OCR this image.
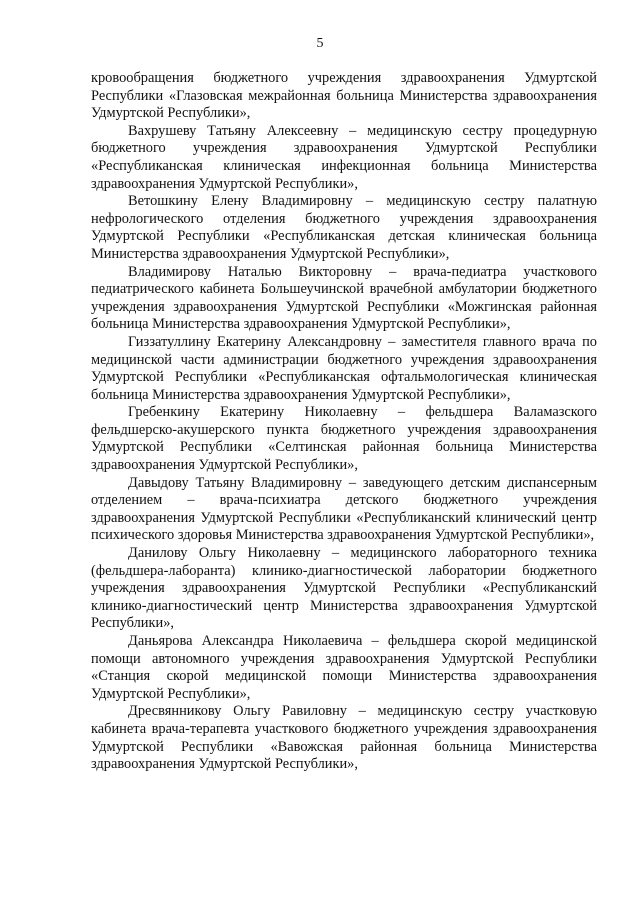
5

кровообращения бюджетного учреждения здравоохранения Удмуртской Республики «Глазовская межрайонная больница Министерства здравоохранения Удмуртской Республики»,

Вахрушеву Татьяну Алексеевну – медицинскую сестру процедурную бюджетного учреждения здравоохранения Удмуртской Республики «Республиканская клиническая инфекционная больница Министерства здравоохранения Удмуртской Республики»,

Ветошкину Елену Владимировну – медицинскую сестру палатную нефрологического отделения бюджетного учреждения здравоохранения Удмуртской Республики «Республиканская детская клиническая больница Министерства здравоохранения Удмуртской Республики»,

Владимирову Наталью Викторовну – врача-педиатра участкового педиатрического кабинета Большеучинской врачебной амбулатории бюджетного учреждения здравоохранения Удмуртской Республики «Можгинская районная больница Министерства здравоохранения Удмуртской Республики»,

Гиззатуллину Екатерину Александровну – заместителя главного врача по медицинской части администрации бюджетного учреждения здравоохранения Удмуртской Республики «Республиканская офтальмологическая клиническая больница Министерства здравоохранения Удмуртской Республики»,

Гребенкину Екатерину Николаевну – фельдшера Валамазского фельдшерско-акушерского пункта бюджетного учреждения здравоохранения Удмуртской Республики «Селтинская районная больница Министерства здравоохранения Удмуртской Республики»,

Давыдову Татьяну Владимировну – заведующего детским диспансерным отделением – врача-психиатра детского бюджетного учреждения здравоохранения Удмуртской Республики «Республиканский клинический центр психического здоровья Министерства здравоохранения Удмуртской Республики»,

Данилову Ольгу Николаевну – медицинского лабораторного техника (фельдшера-лаборанта) клинико-диагностической лаборатории бюджетного учреждения здравоохранения Удмуртской Республики «Республиканский клинико-диагностический центр Министерства здравоохранения Удмуртской Республики»,

Даньярова Александра Николаевича – фельдшера скорой медицинской помощи автономного учреждения здравоохранения Удмуртской Республики «Станция скорой медицинской помощи Министерства здравоохранения Удмуртской Республики»,

Дресвянникову Ольгу Равиловну – медицинскую сестру участковую кабинета врача-терапевта участкового бюджетного учреждения здравоохранения Удмуртской Республики «Вавожская районная больница Министерства здравоохранения Удмуртской Республики»,
